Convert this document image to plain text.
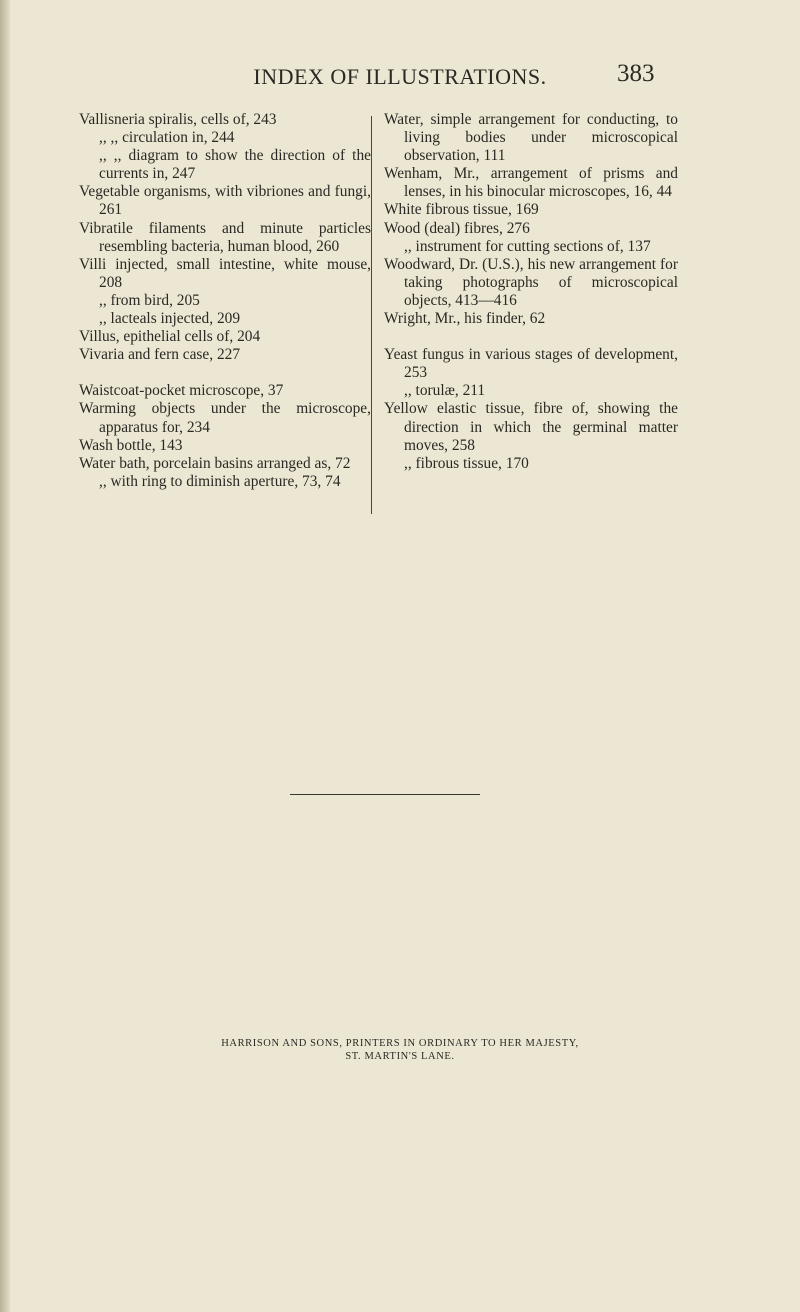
INDEX OF ILLUSTRATIONS.	383
Vallisneria spiralis, cells of, 243
,, ,, circulation in, 244
,, ,, diagram to show the direction of the currents in, 247
Vegetable organisms, with vibriones and fungi, 261
Vibratile filaments and minute particles resembling bacteria, human blood, 260
Villi injected, small intestine, white mouse, 208
,, from bird, 205
,, lacteals injected, 209
Villus, epithelial cells of, 204
Vivaria and fern case, 227
Waistcoat-pocket microscope, 37
Warming objects under the microscope, apparatus for, 234
Wash bottle, 143
Water bath, porcelain basins arranged as, 72
,, with ring to diminish aperture, 73, 74
Water, simple arrangement for conducting, to living bodies under microscopical observation, 111
Wenham, Mr., arrangement of prisms and lenses, in his binocular microscopes, 16, 44
White fibrous tissue, 169
Wood (deal) fibres, 276
,, instrument for cutting sections of, 137
Woodward, Dr. (U.S.), his new arrangement for taking photographs of microscopical objects, 413—416
Wright, Mr., his finder, 62
Yeast fungus in various stages of development, 253
,, torulæ, 211
Yellow elastic tissue, fibre of, showing the direction in which the germinal matter moves, 258
,, fibrous tissue, 170
HARRISON AND SONS, PRINTERS IN ORDINARY TO HER MAJESTY,
ST. MARTIN'S LANE.
